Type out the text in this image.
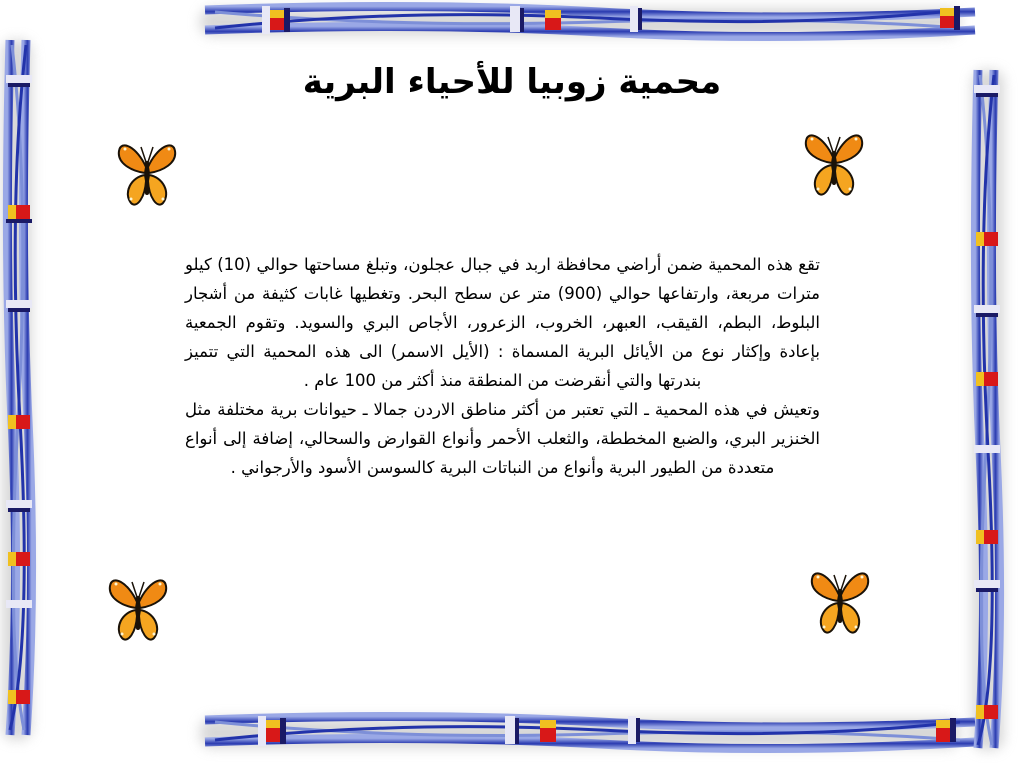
محمية زوبيا للأحياء البرية

تقع هذه المحمية ضمن أراضي محافظة اربد في جبال عجلون، وتبلغ مساحتها حوالي (10) كيلو مترات مربعة، وارتفاعها حوالي (900) متر عن سطح البحر. وتغطيها غابات كثيفة من أشجار البلوط، البطم، القيقب، العبهر، الخروب، الزعرور، الأجاص البري والسويد. وتقوم الجمعية بإعادة وإكثار نوع من الأيائل البرية المسماة : (الأيل الاسمر) الى هذه المحمية التي تتميز بندرتها والتي أنقرضت من المنطقة منذ أكثر من 100 عام .

وتعيش في هذه المحمية ـ التي تعتبر من أكثر مناطق الاردن جمالا ـ حيوانات برية مختلفة مثل الخنزير البري، والضبع المخططة، والثعلب الأحمر وأنواع القوارض والسحالي، إضافة إلى أنواع متعددة من الطيور البرية وأنواع من النباتات البرية كالسوسن الأسود والأرجواني .
